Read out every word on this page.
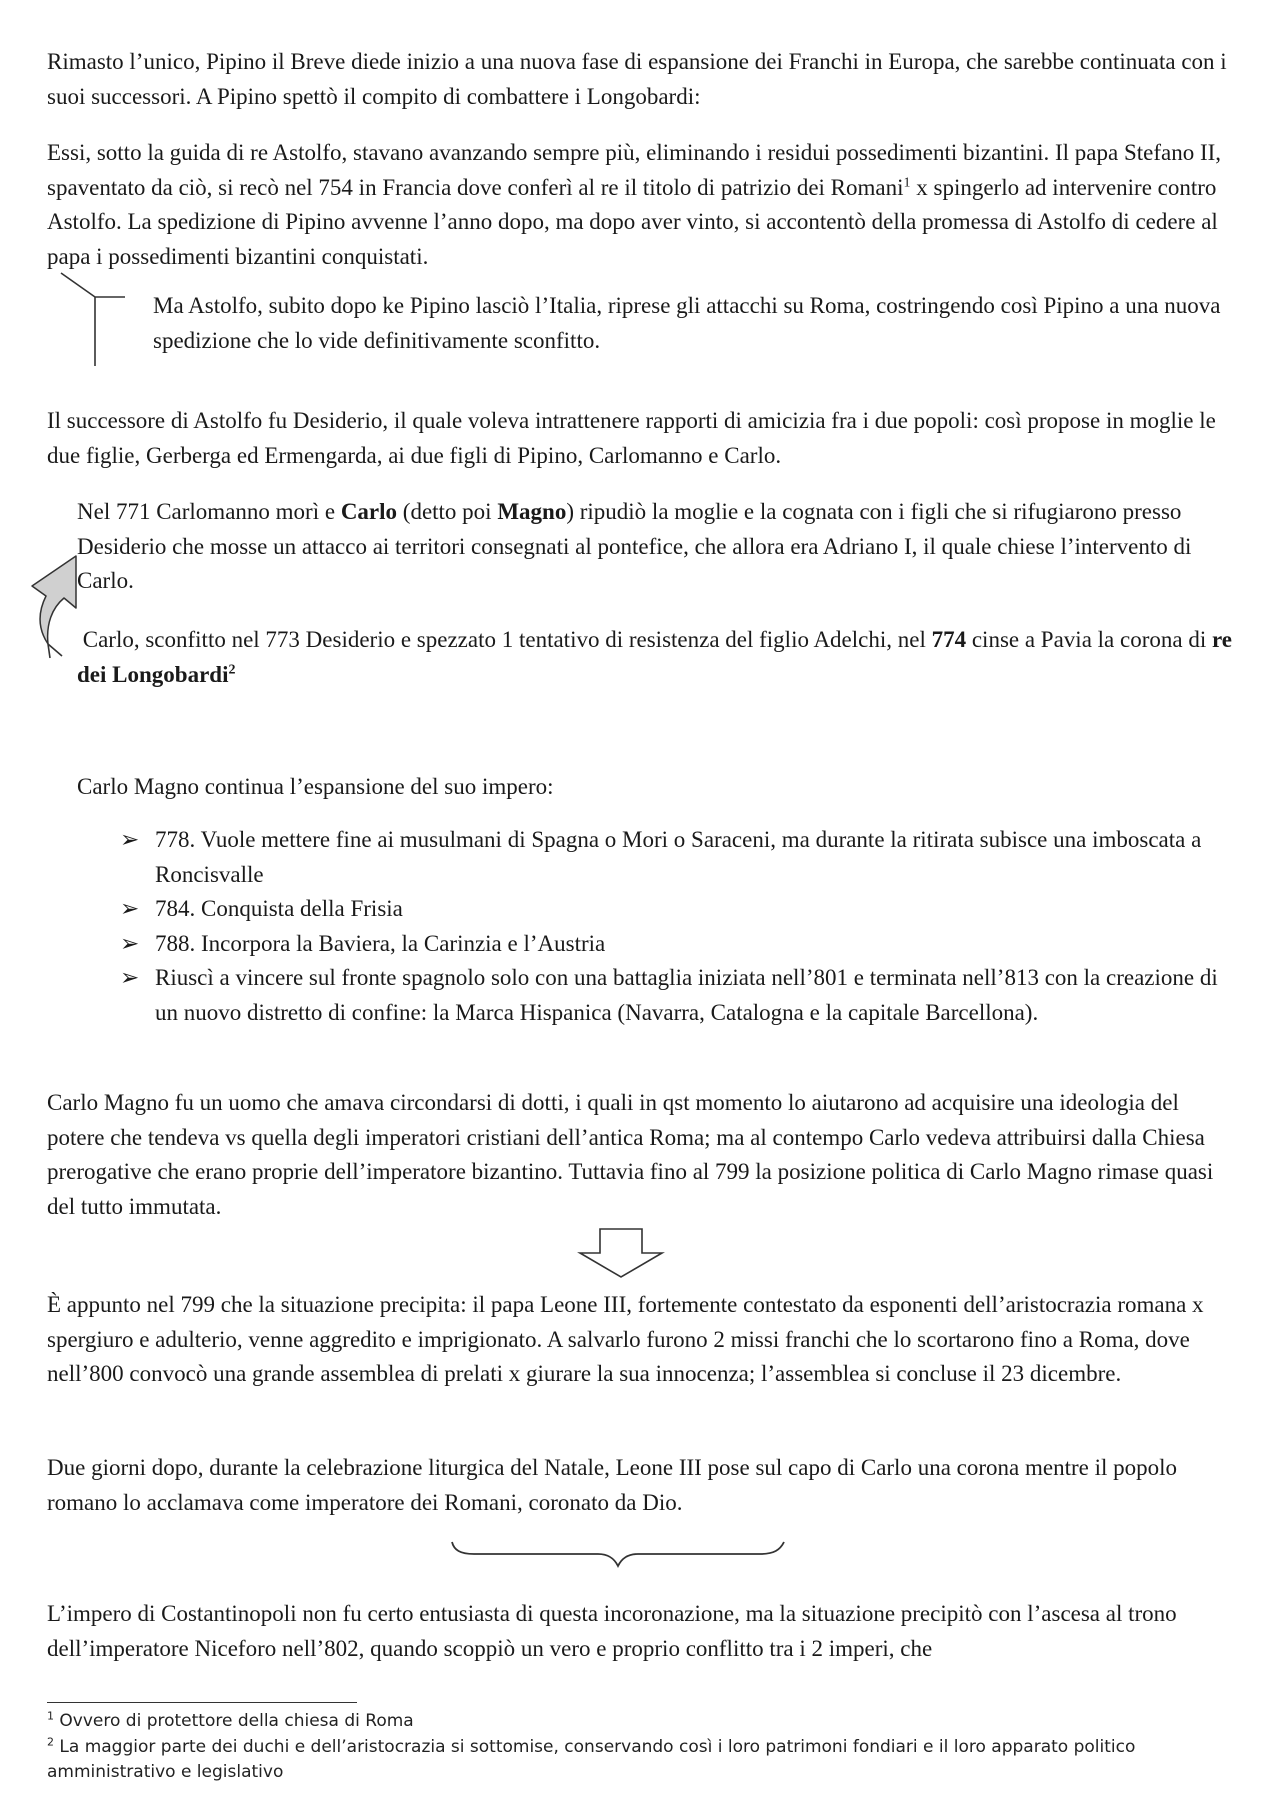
Rimasto l’unico, Pipino il Breve diede inizio a una nuova fase di espansione dei Franchi in Europa, che sarebbe continuata con i suoi successori. A Pipino spettò il compito di combattere i Longobardi:

Essi, sotto la guida di re Astolfo, stavano avanzando sempre più, eliminando i residui possedimenti bizantini. Il papa Stefano II, spaventato da ciò, si recò nel 754 in Francia dove conferì al re il titolo di patrizio dei Romani$^1$ x spingerlo ad intervenire contro Astolfo. La spedizione di Pipino avvenne l’anno dopo, ma dopo aver vinto, si accontentò della promessa di Astolfo di cedere al papa i possedimenti bizantini conquistati.

Ma Astolfo, subito dopo ke Pipino lasciò l’Italia, riprese gli attacchi su Roma, costringendo così Pipino a una nuova spedizione che lo vide definitivamente sconfitto.

Il successore di Astolfo fu Desiderio, il quale voleva intrattenere rapporti di amicizia fra i due popoli: così propose in moglie le due figlie, Gerberga ed Ermengarda, ai due figli di Pipino, Carlomanno e Carlo.

Nel 771 Carlomanno morì e Carlo (detto poi Magno) ripudiò la moglie e la cognata con i figli che si rifugiarono presso Desiderio che mosse un attacco ai territori consegnati al pontefice, che allora era Adriano I, il quale chiese l’intervento di Carlo.

Carlo, sconfitto nel 773 Desiderio e spezzato 1 tentativo di resistenza del figlio Adelchi, nel 774 cinse a Pavia la corona di re dei Longobardi$^2$

Carlo Magno continua l’espansione del suo impero:

➢ 778. Vuole mettere fine ai musulmani di Spagna o Mori o Saraceni, ma durante la ritirata subisce una imboscata a Roncisvalle
➢ 784. Conquista della Frisia
➢ 788. Incorpora la Baviera, la Carinzia e l’Austria
➢ Riuscì a vincere sul fronte spagnolo solo con una battaglia iniziata nell’801 e terminata nell’813 con la creazione di un nuovo distretto di confine: la Marca Hispanica (Navarra, Catalogna e la capitale Barcellona).

Carlo Magno fu un uomo che amava circondarsi di dotti, i quali in qst momento lo aiutarono ad acquisire una ideologia del potere che tendeva vs quella degli imperatori cristiani dell’antica Roma; ma al contempo Carlo vedeva attribuirsi dalla Chiesa prerogative che erano proprie dell’imperatore bizantino. Tuttavia fino al 799 la posizione politica di Carlo Magno rimase quasi del tutto immutata.

È appunto nel 799 che la situazione precipita: il papa Leone III, fortemente contestato da esponenti dell’aristocrazia romana x spergiuro e adulterio, venne aggredito e imprigionato. A salvarlo furono 2 missi franchi che lo scortarono fino a Roma, dove nell’800 convocò una grande assemblea di prelati x giurare la sua innocenza; l’assemblea si concluse il 23 dicembre.

Due giorni dopo, durante la celebrazione liturgica del Natale, Leone III pose sul capo di Carlo una corona mentre il popolo romano lo acclamava come imperatore dei Romani, coronato da Dio.

L’impero di Costantinopoli non fu certo entusiasta di questa incoronazione, ma la situazione precipitò con l’ascesa al trono dell’imperatore Niceforo nell’802, quando scoppiò un vero e proprio conflitto tra i 2 imperi, che

$^1$ Ovvero di protettore della chiesa di Roma

$^2$ La maggior parte dei duchi e dell’aristocrazia si sottomise, conservando così i loro patrimoni fondiari e il loro apparato politico amministrativo e legislativo
